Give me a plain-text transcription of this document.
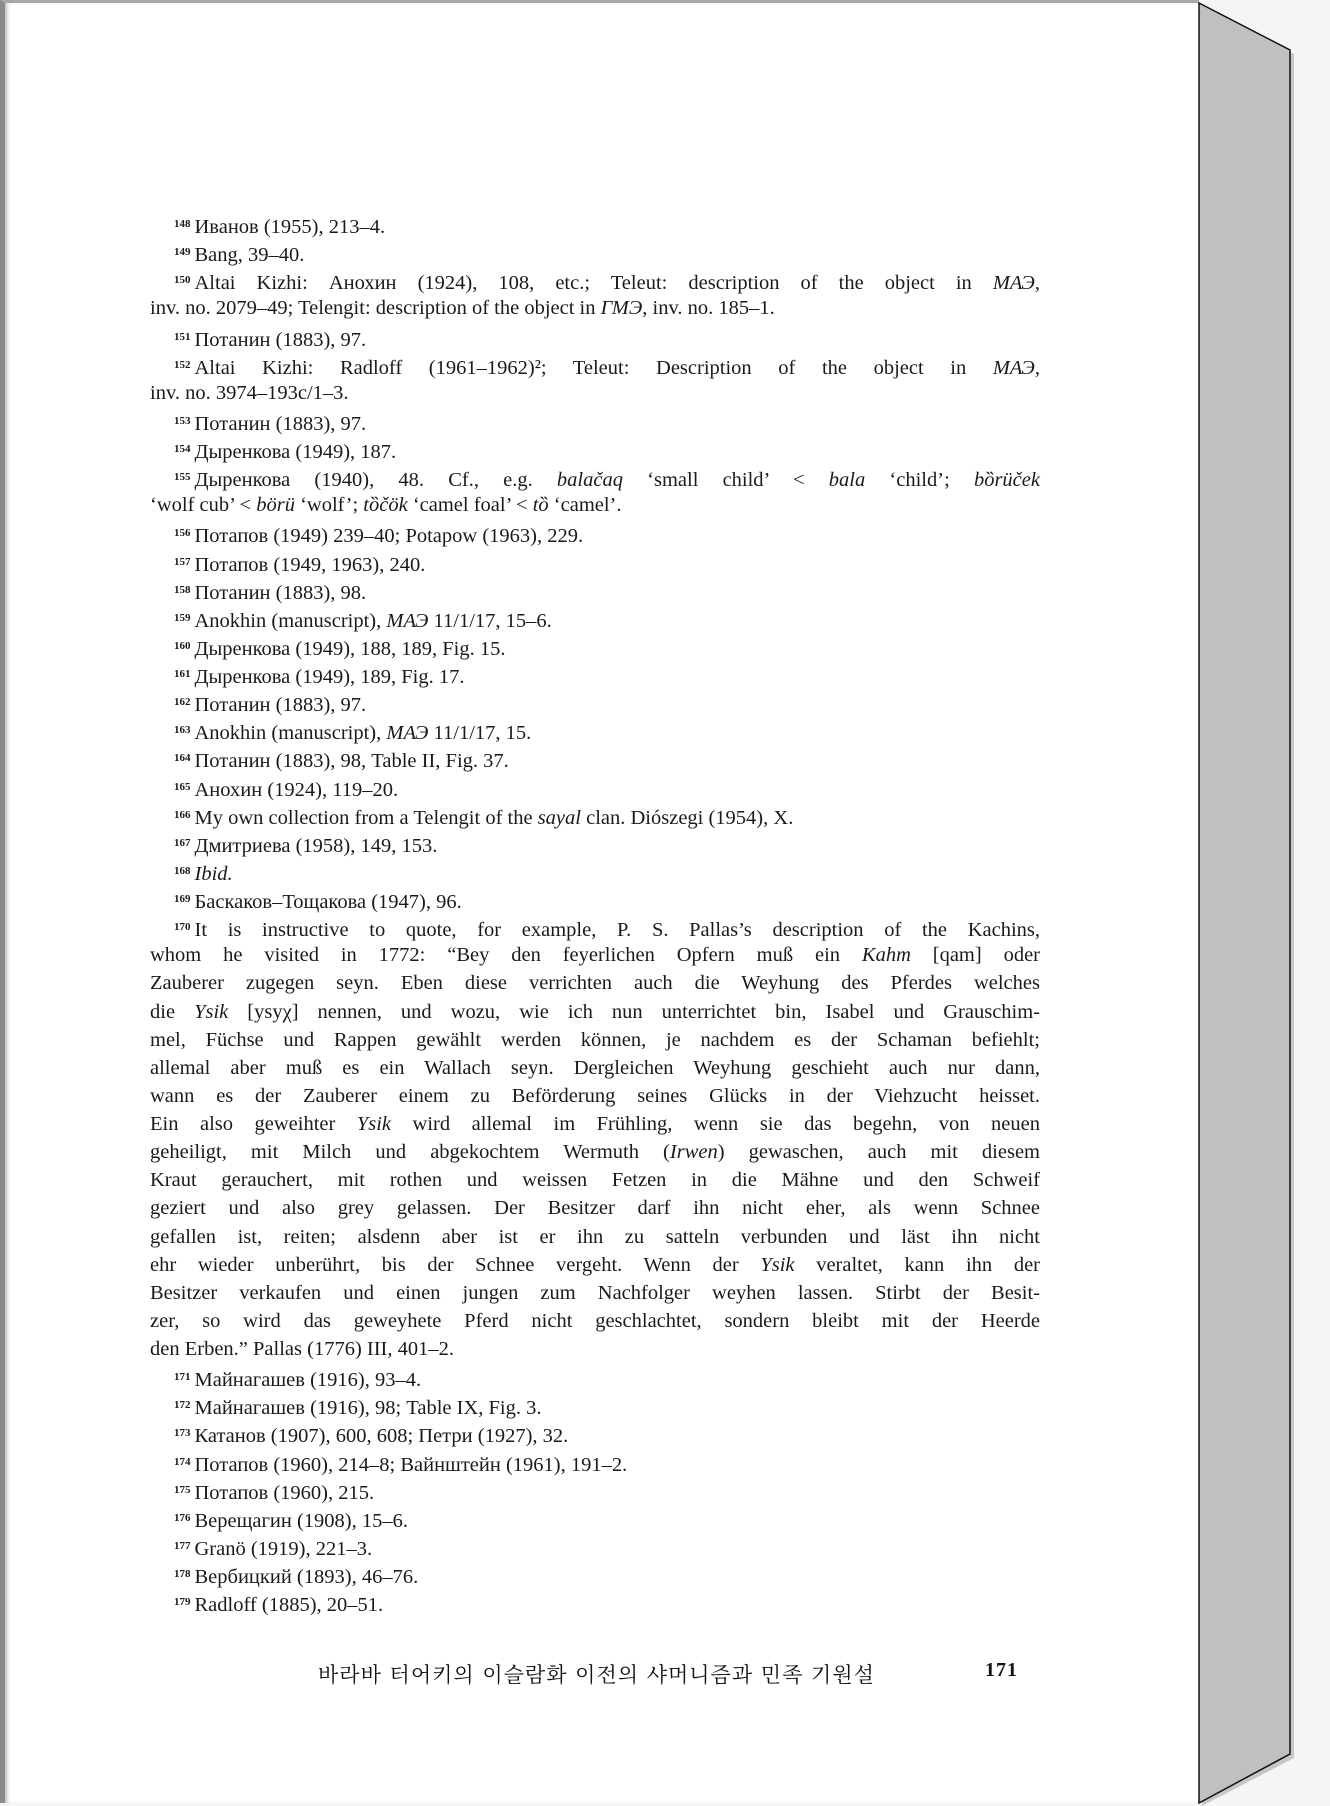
$^{148}$ Иванов (1955), 213–4.
$^{149}$ Bang, 39–40.
$^{150}$ Altai Kizhi: Анохин (1924), 108, etc.; Teleut: description of the object in МАЭ,
inv. no. 2079–49; Telengit: description of the object in ГМЭ, inv. no. 185–1.
$^{151}$ Потанин (1883), 97.
$^{152}$ Altai Kizhi: Radloff (1961–1962)²; Teleut: Description of the object in МАЭ,
inv. no. 3974–193c/1–3.
$^{153}$ Потанин (1883), 97.
$^{154}$ Дыренкова (1949), 187.
$^{155}$ Дыренкова (1940), 48. Cf., e.g. balačaq ‘small child’ < bala ‘child’; bȍrüček
‘wolf cub’ < börü ‘wolf’; tȍčök ‘camel foal’ < tȍ ‘camel’.
$^{156}$ Потапов (1949) 239–40; Potapow (1963), 229.
$^{157}$ Потапов (1949, 1963), 240.
$^{158}$ Потанин (1883), 98.
$^{159}$ Anokhin (manuscript), МАЭ 11/1/17, 15–6.
$^{160}$ Дыренкова (1949), 188, 189, Fig. 15.
$^{161}$ Дыренкова (1949), 189, Fig. 17.
$^{162}$ Потанин (1883), 97.
$^{163}$ Anokhin (manuscript), МАЭ 11/1/17, 15.
$^{164}$ Потанин (1883), 98, Table II, Fig. 37.
$^{165}$ Анохин (1924), 119–20.
$^{166}$ My own collection from a Telengit of the sayal clan. Diószegi (1954), X.
$^{167}$ Дмитриева (1958), 149, 153.
$^{168}$ Ibid.
$^{169}$ Баскаков–Тощакова (1947), 96.
$^{170}$ It is instructive to quote, for example, P. S. Pallas’s description of the Kachins,
whom he visited in 1772: “Bey den feyerlichen Opfern muß ein Kahm [qam] oder
Zauberer zugegen seyn. Eben diese verrichten auch die Weyhung des Pferdes welches
die Ysik [ysyχ] nennen, und wozu, wie ich nun unterrichtet bin, Isabel und Grauschim-
mel, Füchse und Rappen gewählt werden können, je nachdem es der Schaman befiehlt;
allemal aber muß es ein Wallach seyn. Dergleichen Weyhung geschieht auch nur dann,
wann es der Zauberer einem zu Beförderung seines Glücks in der Viehzucht heisset.
Ein also geweihter Ysik wird allemal im Frühling, wenn sie das begehn, von neuen
geheiligt, mit Milch und abgekochtem Wermuth (Irwen) gewaschen, auch mit diesem
Kraut gerauchert, mit rothen und weissen Fetzen in die Mähne und den Schweif
geziert und also grey gelassen. Der Besitzer darf ihn nicht eher, als wenn Schnee
gefallen ist, reiten; alsdenn aber ist er ihn zu satteln verbunden und läst ihn nicht
ehr wieder unberührt, bis der Schnee vergeht. Wenn der Ysik veraltet, kann ihn der
Besitzer verkaufen und einen jungen zum Nachfolger weyhen lassen. Stirbt der Besit-
zer, so wird das geweyhete Pferd nicht geschlachtet, sondern bleibt mit der Heerde
den Erben.” Pallas (1776) III, 401–2.
$^{171}$ Майнагашев (1916), 93–4.
$^{172}$ Майнагашев (1916), 98; Table IX, Fig. 3.
$^{173}$ Катанов (1907), 600, 608; Петри (1927), 32.
$^{174}$ Потапов (1960), 214–8; Вайнштейн (1961), 191–2.
$^{175}$ Потапов (1960), 215.
$^{176}$ Верещагин (1908), 15–6.
$^{177}$ Granö (1919), 221–3.
$^{178}$ Вербицкий (1893), 46–76.
$^{179}$ Radloff (1885), 20–51.
바라바 터어키의 이슬람화 이전의 샤머니즘과 민족 기원설	171
